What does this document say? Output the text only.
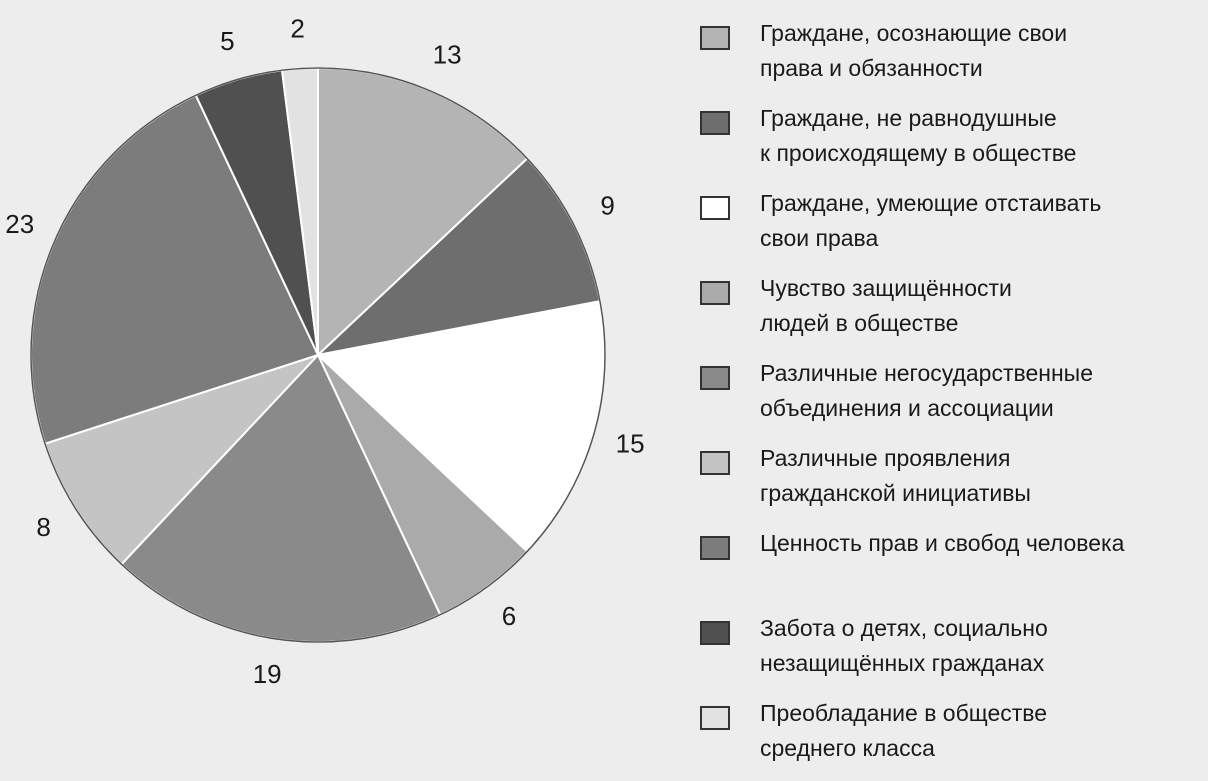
13
9
15
6
19
8
23
5 2	Граждане, осознающие свои
права и обязанности
Граждане, не равнодушные
к происходящему в обществе
Граждане, умеющие отстаивать
свои права
Чувство защищённости
людей в обществе
Различные негосударственные
объединения и ассоциации
Различные проявления
гражданской инициативы
Ценность прав и свобод человека
Забота о детях, социально
незащищённых гражданах
Преобладание в обществе
среднего класса
